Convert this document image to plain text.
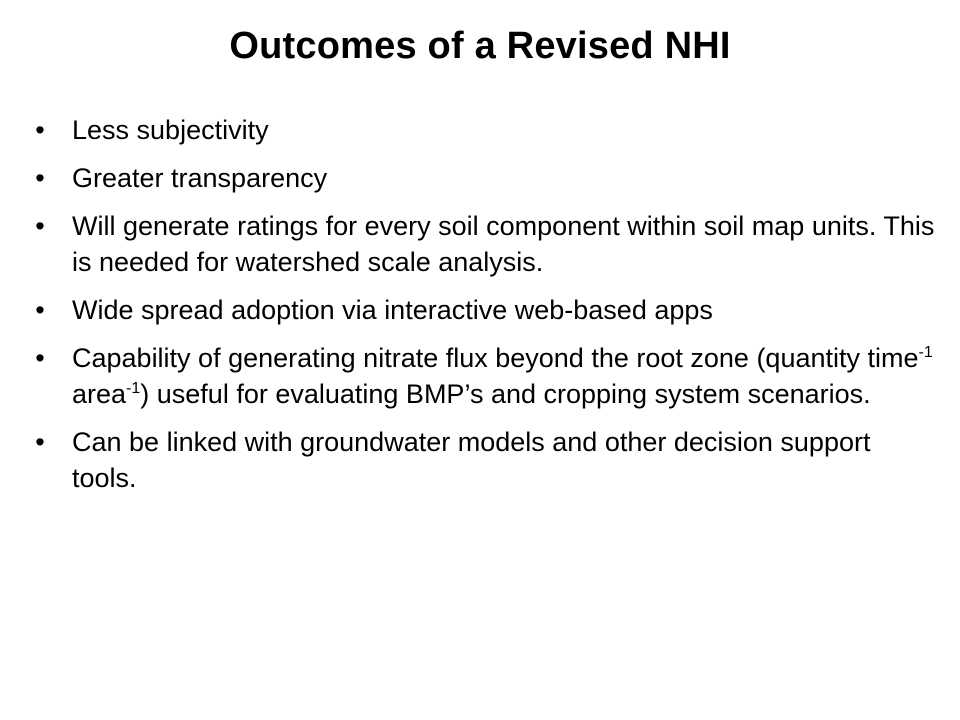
Outcomes of a Revised NHI
• Less subjectivity
• Greater transparency
• Will generate ratings for every soil component within soil map units. This is needed for watershed scale analysis.
• Wide spread adoption via interactive web-based apps
• Capability of generating nitrate flux beyond the root zone (quantity time$^{-1}$ area$^{-1}$) useful for evaluating BMP’s and cropping system scenarios.
• Can be linked with groundwater models and other decision support tools.
